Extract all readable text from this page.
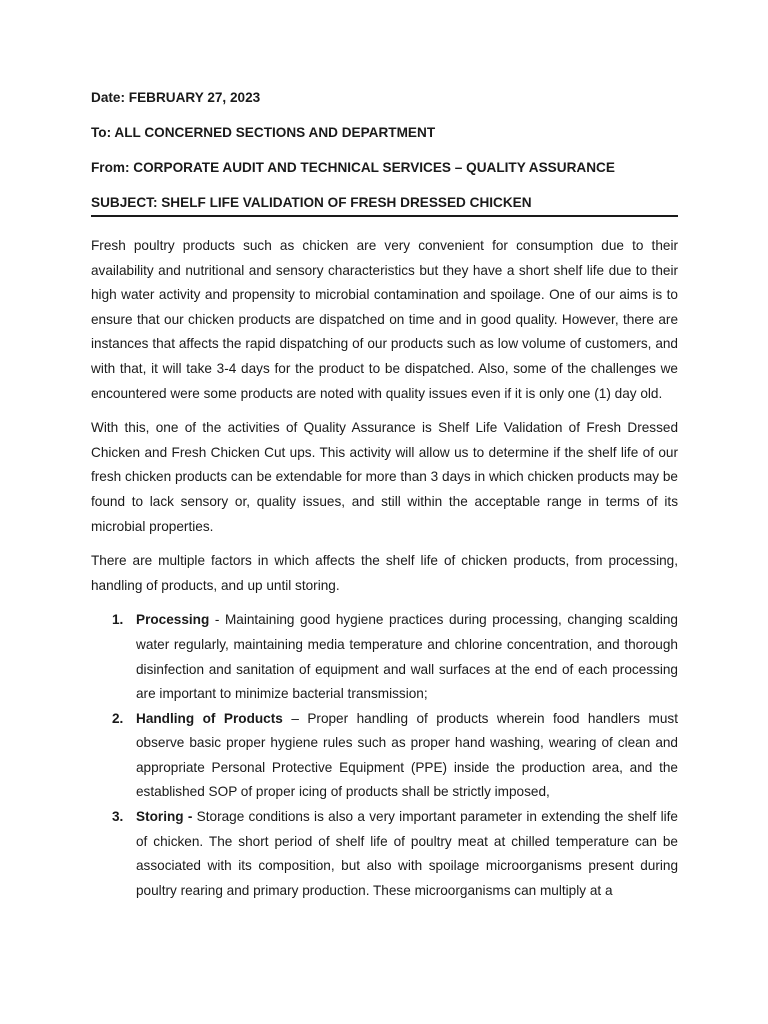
Date: FEBRUARY 27, 2023
To: ALL CONCERNED SECTIONS AND DEPARTMENT
From: CORPORATE AUDIT AND TECHNICAL SERVICES – QUALITY ASSURANCE
SUBJECT: SHELF LIFE VALIDATION OF FRESH DRESSED CHICKEN

Fresh poultry products such as chicken are very convenient for consumption due to their availability and nutritional and sensory characteristics but they have a short shelf life due to their high water activity and propensity to microbial contamination and spoilage. One of our aims is to ensure that our chicken products are dispatched on time and in good quality. However, there are instances that affects the rapid dispatching of our products such as low volume of customers, and with that, it will take 3-4 days for the product to be dispatched. Also, some of the challenges we encountered were some products are noted with quality issues even if it is only one (1) day old.

With this, one of the activities of Quality Assurance is Shelf Life Validation of Fresh Dressed Chicken and Fresh Chicken Cut ups. This activity will allow us to determine if the shelf life of our fresh chicken products can be extendable for more than 3 days in which chicken products may be found to lack sensory or, quality issues, and still within the acceptable range in terms of its microbial properties.

There are multiple factors in which affects the shelf life of chicken products, from processing, handling of products, and up until storing.

1. Processing - Maintaining good hygiene practices during processing, changing scalding water regularly, maintaining media temperature and chlorine concentration, and thorough disinfection and sanitation of equipment and wall surfaces at the end of each processing are important to minimize bacterial transmission;
2. Handling of Products – Proper handling of products wherein food handlers must observe basic proper hygiene rules such as proper hand washing, wearing of clean and appropriate Personal Protective Equipment (PPE) inside the production area, and the established SOP of proper icing of products shall be strictly imposed,
3. Storing - Storage conditions is also a very important parameter in extending the shelf life of chicken. The short period of shelf life of poultry meat at chilled temperature can be associated with its composition, but also with spoilage microorganisms present during poultry rearing and primary production. These microorganisms can multiply at a
